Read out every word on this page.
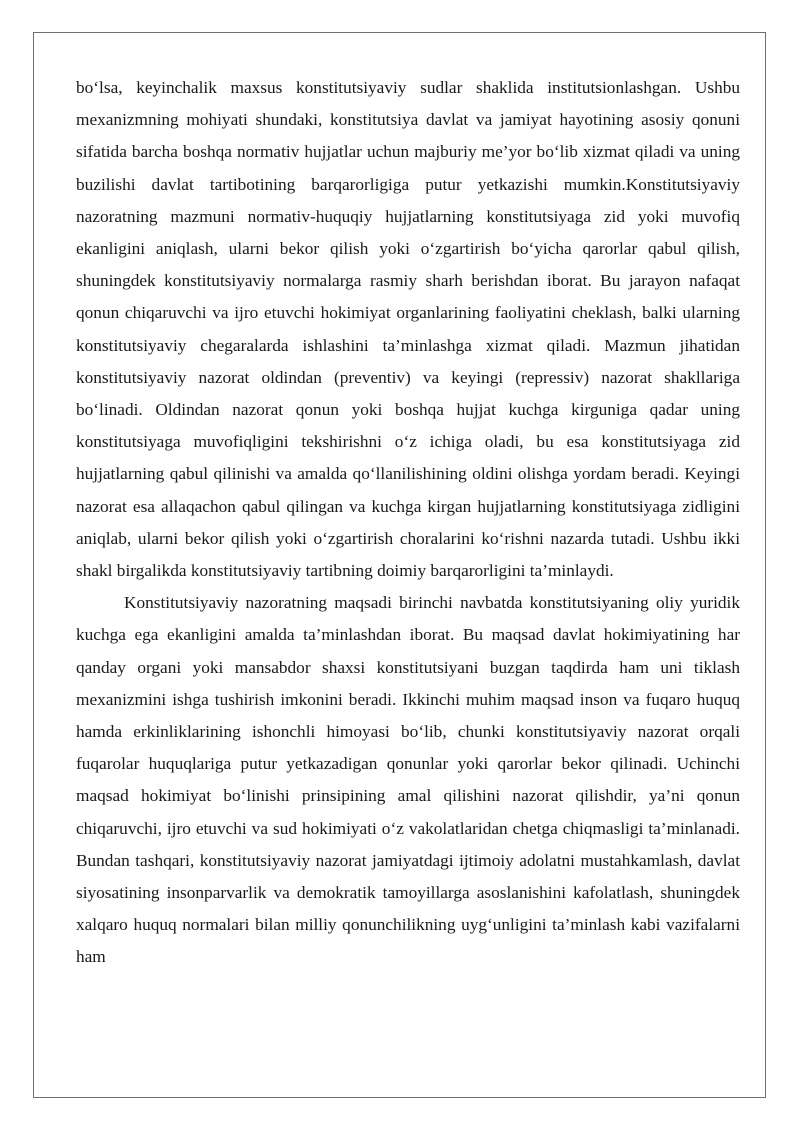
bo‘lsa, keyinchalik maxsus konstitutsiyaviy sudlar shaklida institutsionlashgan. Ushbu mexanizmning mohiyati shundaki, konstitutsiya davlat va jamiyat hayotining asosiy qonuni sifatida barcha boshqa normativ hujjatlar uchun majburiy me’yor bo‘lib xizmat qiladi va uning buzilishi davlat tartibotining barqarorligiga putur yetkazishi mumkin.Konstitutsiyaviy nazoratning mazmuni normativ-huquqiy hujjatlarning konstitutsiyaga zid yoki muvofiq ekanligini aniqlash, ularni bekor qilish yoki o‘zgartirish bo‘yicha qarorlar qabul qilish, shuningdek konstitutsiyaviy normalarga rasmiy sharh berishdan iborat. Bu jarayon nafaqat qonun chiqaruvchi va ijro etuvchi hokimiyat organlarining faoliyatini cheklash, balki ularning konstitutsiyaviy chegaralarda ishlashini ta’minlashga xizmat qiladi. Mazmun jihatidan konstitutsiyaviy nazorat oldindan (preventiv) va keyingi (repressiv) nazorat shakllariga bo‘linadi. Oldindan nazorat qonun yoki boshqa hujjat kuchga kirguniga qadar uning konstitutsiyaga muvofiqligini tekshirishni o‘z ichiga oladi, bu esa konstitutsiyaga zid hujjatlarning qabul qilinishi va amalda qo‘llanilishining oldini olishga yordam beradi. Keyingi nazorat esa allaqachon qabul qilingan va kuchga kirgan hujjatlarning konstitutsiyaga zidligini aniqlab, ularni bekor qilish yoki o‘zgartirish choralarini ko‘rishni nazarda tutadi. Ushbu ikki shakl birgalikda konstitutsiyaviy tartibning doimiy barqarorligini ta’minlaydi.

Konstitutsiyaviy nazoratning maqsadi birinchi navbatda konstitutsiyaning oliy yuridik kuchga ega ekanligini amalda ta’minlashdan iborat. Bu maqsad davlat hokimiyatining har qanday organi yoki mansabdor shaxsi konstitutsiyani buzgan taqdirda ham uni tiklash mexanizmini ishga tushirish imkonini beradi. Ikkinchi muhim maqsad inson va fuqaro huquq hamda erkinliklarining ishonchli himoyasi bo‘lib, chunki konstitutsiyaviy nazorat orqali fuqarolar huquqlariga putur yetkazadigan qonunlar yoki qarorlar bekor qilinadi. Uchinchi maqsad hokimiyat bo‘linishi prinsipining amal qilishini nazorat qilishdir, ya’ni qonun chiqaruvchi, ijro etuvchi va sud hokimiyati o‘z vakolatlaridan chetga chiqmasligi ta’minlanadi. Bundan tashqari, konstitutsiyaviy nazorat jamiyatdagi ijtimoiy adolatni mustahkamlash, davlat siyosatining insonparvarlik va demokratik tamoyillarga asoslanishini kafolatlash, shuningdek xalqaro huquq normalari bilan milliy qonunchilikning uyg‘unligini ta’minlash kabi vazifalarni ham
